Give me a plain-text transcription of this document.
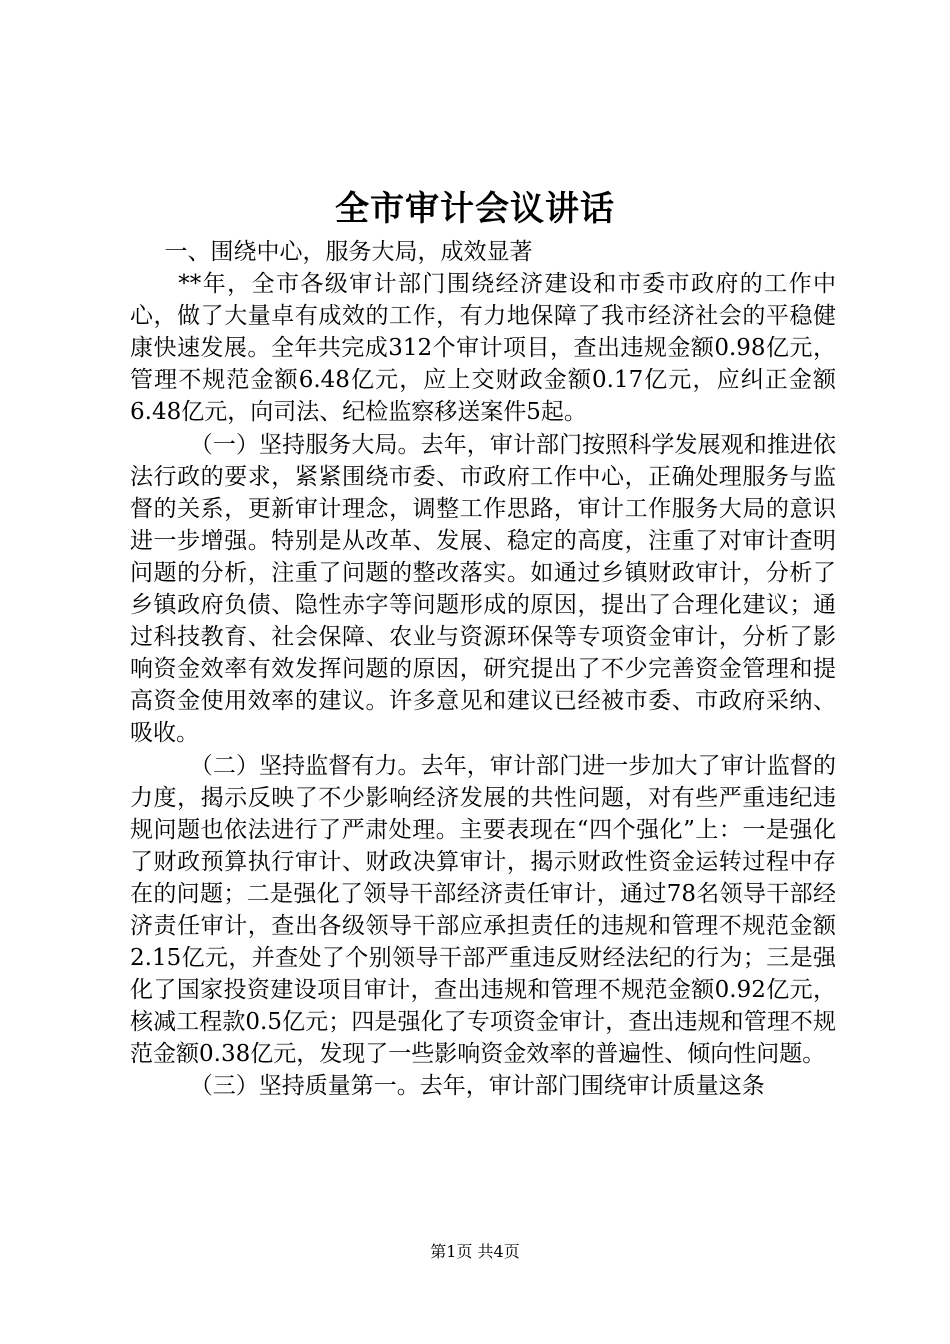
全市审计会议讲话

一、围绕中心，服务大局，成效显著

**年，全市各级审计部门围绕经济建设和市委市政府的工作中心，做了大量卓有成效的工作，有力地保障了我市经济社会的平稳健康快速发展。全年共完成312个审计项目，查出违规金额0.98亿元，管理不规范金额6.48亿元，应上交财政金额0.17亿元，应纠正金额6.48亿元，向司法、纪检监察移送案件5起。

（一）坚持服务大局。去年，审计部门按照科学发展观和推进依法行政的要求，紧紧围绕市委、市政府工作中心，正确处理服务与监督的关系，更新审计理念，调整工作思路，审计工作服务大局的意识进一步增强。特别是从改革、发展、稳定的高度，注重了对审计查明问题的分析，注重了问题的整改落实。如通过乡镇财政审计，分析了乡镇政府负债、隐性赤字等问题形成的原因，提出了合理化建议；通过科技教育、社会保障、农业与资源环保等专项资金审计，分析了影响资金效率有效发挥问题的原因，研究提出了不少完善资金管理和提高资金使用效率的建议。许多意见和建议已经被市委、市政府采纳、吸收。

（二）坚持监督有力。去年，审计部门进一步加大了审计监督的力度，揭示反映了不少影响经济发展的共性问题，对有些严重违纪违规问题也依法进行了严肃处理。主要表现在“四个强化”上：一是强化了财政预算执行审计、财政决算审计，揭示财政性资金运转过程中存在的问题；二是强化了领导干部经济责任审计，通过78名领导干部经济责任审计，查出各级领导干部应承担责任的违规和管理不规范金额2.15亿元，并查处了个别领导干部严重违反财经法纪的行为；三是强化了国家投资建设项目审计，查出违规和管理不规范金额0.92亿元，核减工程款0.5亿元；四是强化了专项资金审计，查出违规和管理不规范金额0.38亿元，发现了一些影响资金效率的普遍性、倾向性问题。

（三）坚持质量第一。去年，审计部门围绕审计质量这条

第1页 共4页
